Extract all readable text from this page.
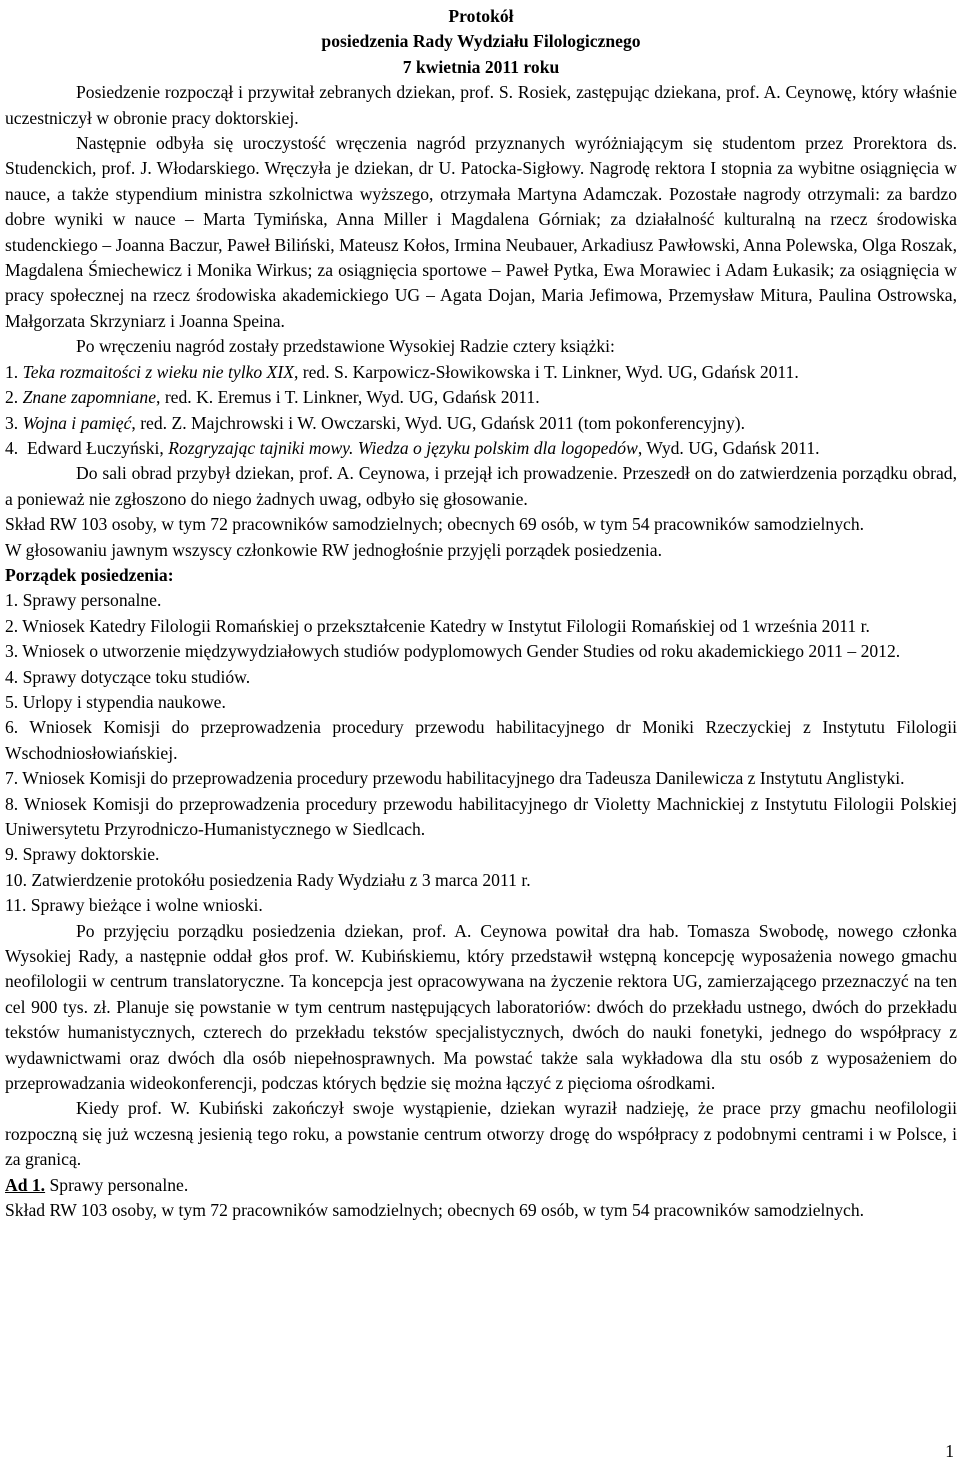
Protokół

posiedzenia Rady Wydziału Filologicznego

7 kwietnia 2011 roku

Posiedzenie rozpoczął i przywitał zebranych dziekan, prof. S. Rosiek, zastępując dziekana, prof. A. Ceynowę, który właśnie uczestniczył w obronie pracy doktorskiej.

Następnie odbyła się uroczystość wręczenia nagród przyznanych wyróżniającym się studentom przez Prorektora ds. Studenckich, prof. J. Włodarskiego. Wręczyła je dziekan, dr U. Patocka-Sigłowy. Nagrodę rektora I stopnia za wybitne osiągnięcia w nauce, a także stypendium ministra szkolnictwa wyższego, otrzymała Martyna Adamczak. Pozostałe nagrody otrzymali: za bardzo dobre wyniki w nauce – Marta Tymińska, Anna Miller i Magdalena Górniak; za działalność kulturalną na rzecz środowiska studenckiego – Joanna Baczur, Paweł Biliński, Mateusz Kołos, Irmina Neubauer, Arkadiusz Pawłowski, Anna Polewska, Olga Roszak, Magdalena Śmiechewicz i Monika Wirkus; za osiągnięcia sportowe – Paweł Pytka, Ewa Morawiec i Adam Łukasik; za osiągnięcia w pracy społecznej na rzecz środowiska akademickiego UG – Agata Dojan, Maria Jefimowa, Przemysław Mitura, Paulina Ostrowska, Małgorzata Skrzyniarz i Joanna Speina.

Po wręczeniu nagród zostały przedstawione Wysokiej Radzie cztery książki:

1. Teka rozmaitości z wieku nie tylko XIX, red. S. Karpowicz-Słowikowska i T. Linkner, Wyd. UG, Gdańsk 2011.

2. Znane zapomniane, red. K. Eremus i T. Linkner, Wyd. UG, Gdańsk 2011.

3. Wojna i pamięć, red. Z. Majchrowski i W. Owczarski, Wyd. UG, Gdańsk 2011 (tom pokonferencyjny).

4.  Edward Łuczyński, Rozgryzając tajniki mowy. Wiedza o języku polskim dla logopedów, Wyd. UG, Gdańsk 2011.

Do sali obrad przybył dziekan, prof. A. Ceynowa, i przejął ich prowadzenie. Przeszedł on do zatwierdzenia porządku obrad, a ponieważ nie zgłoszono do niego żadnych uwag, odbyło się głosowanie.

Skład RW 103 osoby, w tym 72 pracowników samodzielnych; obecnych 69 osób, w tym 54 pracowników samodzielnych.

W głosowaniu jawnym wszyscy członkowie RW jednogłośnie przyjęli porządek posiedzenia.

Porządek posiedzenia:

1. Sprawy personalne.

2. Wniosek Katedry Filologii Romańskiej o przekształcenie Katedry w Instytut Filologii Romańskiej od 1 września 2011 r.

3. Wniosek o utworzenie międzywydziałowych studiów podyplomowych Gender Studies od roku akademickiego 2011 – 2012.

4. Sprawy dotyczące toku studiów.

5. Urlopy i stypendia naukowe.

6. Wniosek Komisji do przeprowadzenia procedury przewodu habilitacyjnego dr Moniki Rzeczyckiej z Instytutu Filologii Wschodniosłowiańskiej.

7. Wniosek Komisji do przeprowadzenia procedury przewodu habilitacyjnego dra Tadeusza Danilewicza z Instytutu Anglistyki.

8. Wniosek Komisji do przeprowadzenia procedury przewodu habilitacyjnego dr Violetty Machnickiej z Instytutu Filologii Polskiej Uniwersytetu Przyrodniczo-Humanistycznego w Siedlcach.

9. Sprawy doktorskie.

10. Zatwierdzenie protokółu posiedzenia Rady Wydziału z 3 marca 2011 r.

11. Sprawy bieżące i wolne wnioski.

Po przyjęciu porządku posiedzenia dziekan, prof. A. Ceynowa powitał dra hab. Tomasza Swobodę, nowego członka Wysokiej Rady, a następnie oddał głos prof. W. Kubińskiemu, który przedstawił wstępną koncepcję wyposażenia nowego gmachu neofilologii w centrum translatoryczne. Ta koncepcja jest opracowywana na życzenie rektora UG, zamierzającego przeznaczyć na ten cel 900 tys. zł. Planuje się powstanie w tym centrum następujących laboratoriów: dwóch do przekładu ustnego, dwóch do przekładu tekstów humanistycznych, czterech do przekładu tekstów specjalistycznych, dwóch do nauki fonetyki, jednego do współpracy z wydawnictwami oraz dwóch dla osób niepełnosprawnych. Ma powstać także sala wykładowa dla stu osób z wyposażeniem do przeprowadzania wideokonferencji, podczas których będzie się można łączyć z pięcioma ośrodkami.

Kiedy prof. W. Kubiński zakończył swoje wystąpienie, dziekan wyraził nadzieję, że prace przy gmachu neofilologii rozpoczną się już wczesną jesienią tego roku, a powstanie centrum otworzy drogę do współpracy z podobnymi centrami i w Polsce, i za granicą.

Ad 1. Sprawy personalne.

Skład RW 103 osoby, w tym 72 pracowników samodzielnych; obecnych 69 osób, w tym 54 pracowników samodzielnych.

1
